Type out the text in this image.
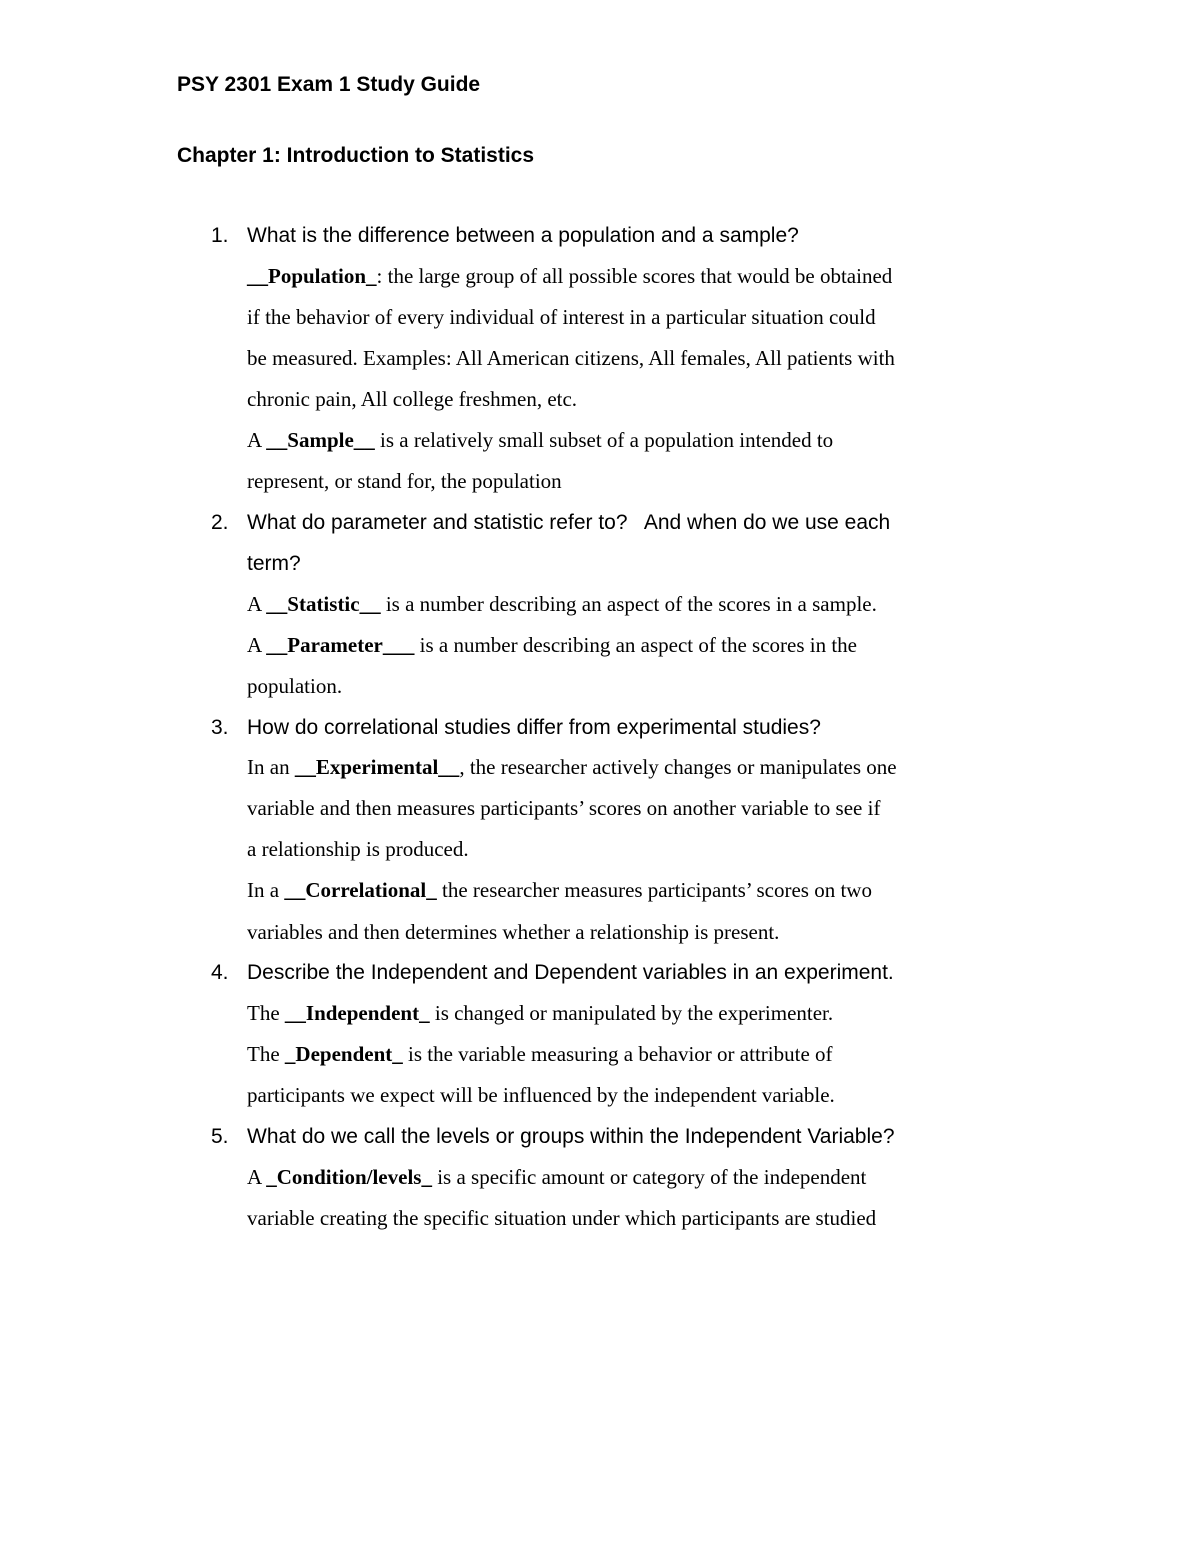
PSY 2301 Exam 1 Study Guide
Chapter 1: Introduction to Statistics
1. What is the difference between a population and a sample?
__Population_: the large group of all possible scores that would be obtained
if the behavior of every individual of interest in a particular situation could
be measured. Examples: All American citizens, All females, All patients with
chronic pain, All college freshmen, etc.
A __Sample__ is a relatively small subset of a population intended to
represent, or stand for, the population
2. What do parameter and statistic refer to?   And when do we use each
term?
A __Statistic__ is a number describing an aspect of the scores in a sample.
A __Parameter___ is a number describing an aspect of the scores in the
population.
3. How do correlational studies differ from experimental studies?
In an __Experimental__, the researcher actively changes or manipulates one
variable and then measures participants’ scores on another variable to see if
a relationship is produced.
In a __Correlational_ the researcher measures participants’ scores on two
variables and then determines whether a relationship is present.
4. Describe the Independent and Dependent variables in an experiment.
The __Independent_ is changed or manipulated by the experimenter.
The _Dependent_ is the variable measuring a behavior or attribute of
participants we expect will be influenced by the independent variable.
5. What do we call the levels or groups within the Independent Variable?
A _Condition/levels_ is a specific amount or category of the independent
variable creating the specific situation under which participants are studied
